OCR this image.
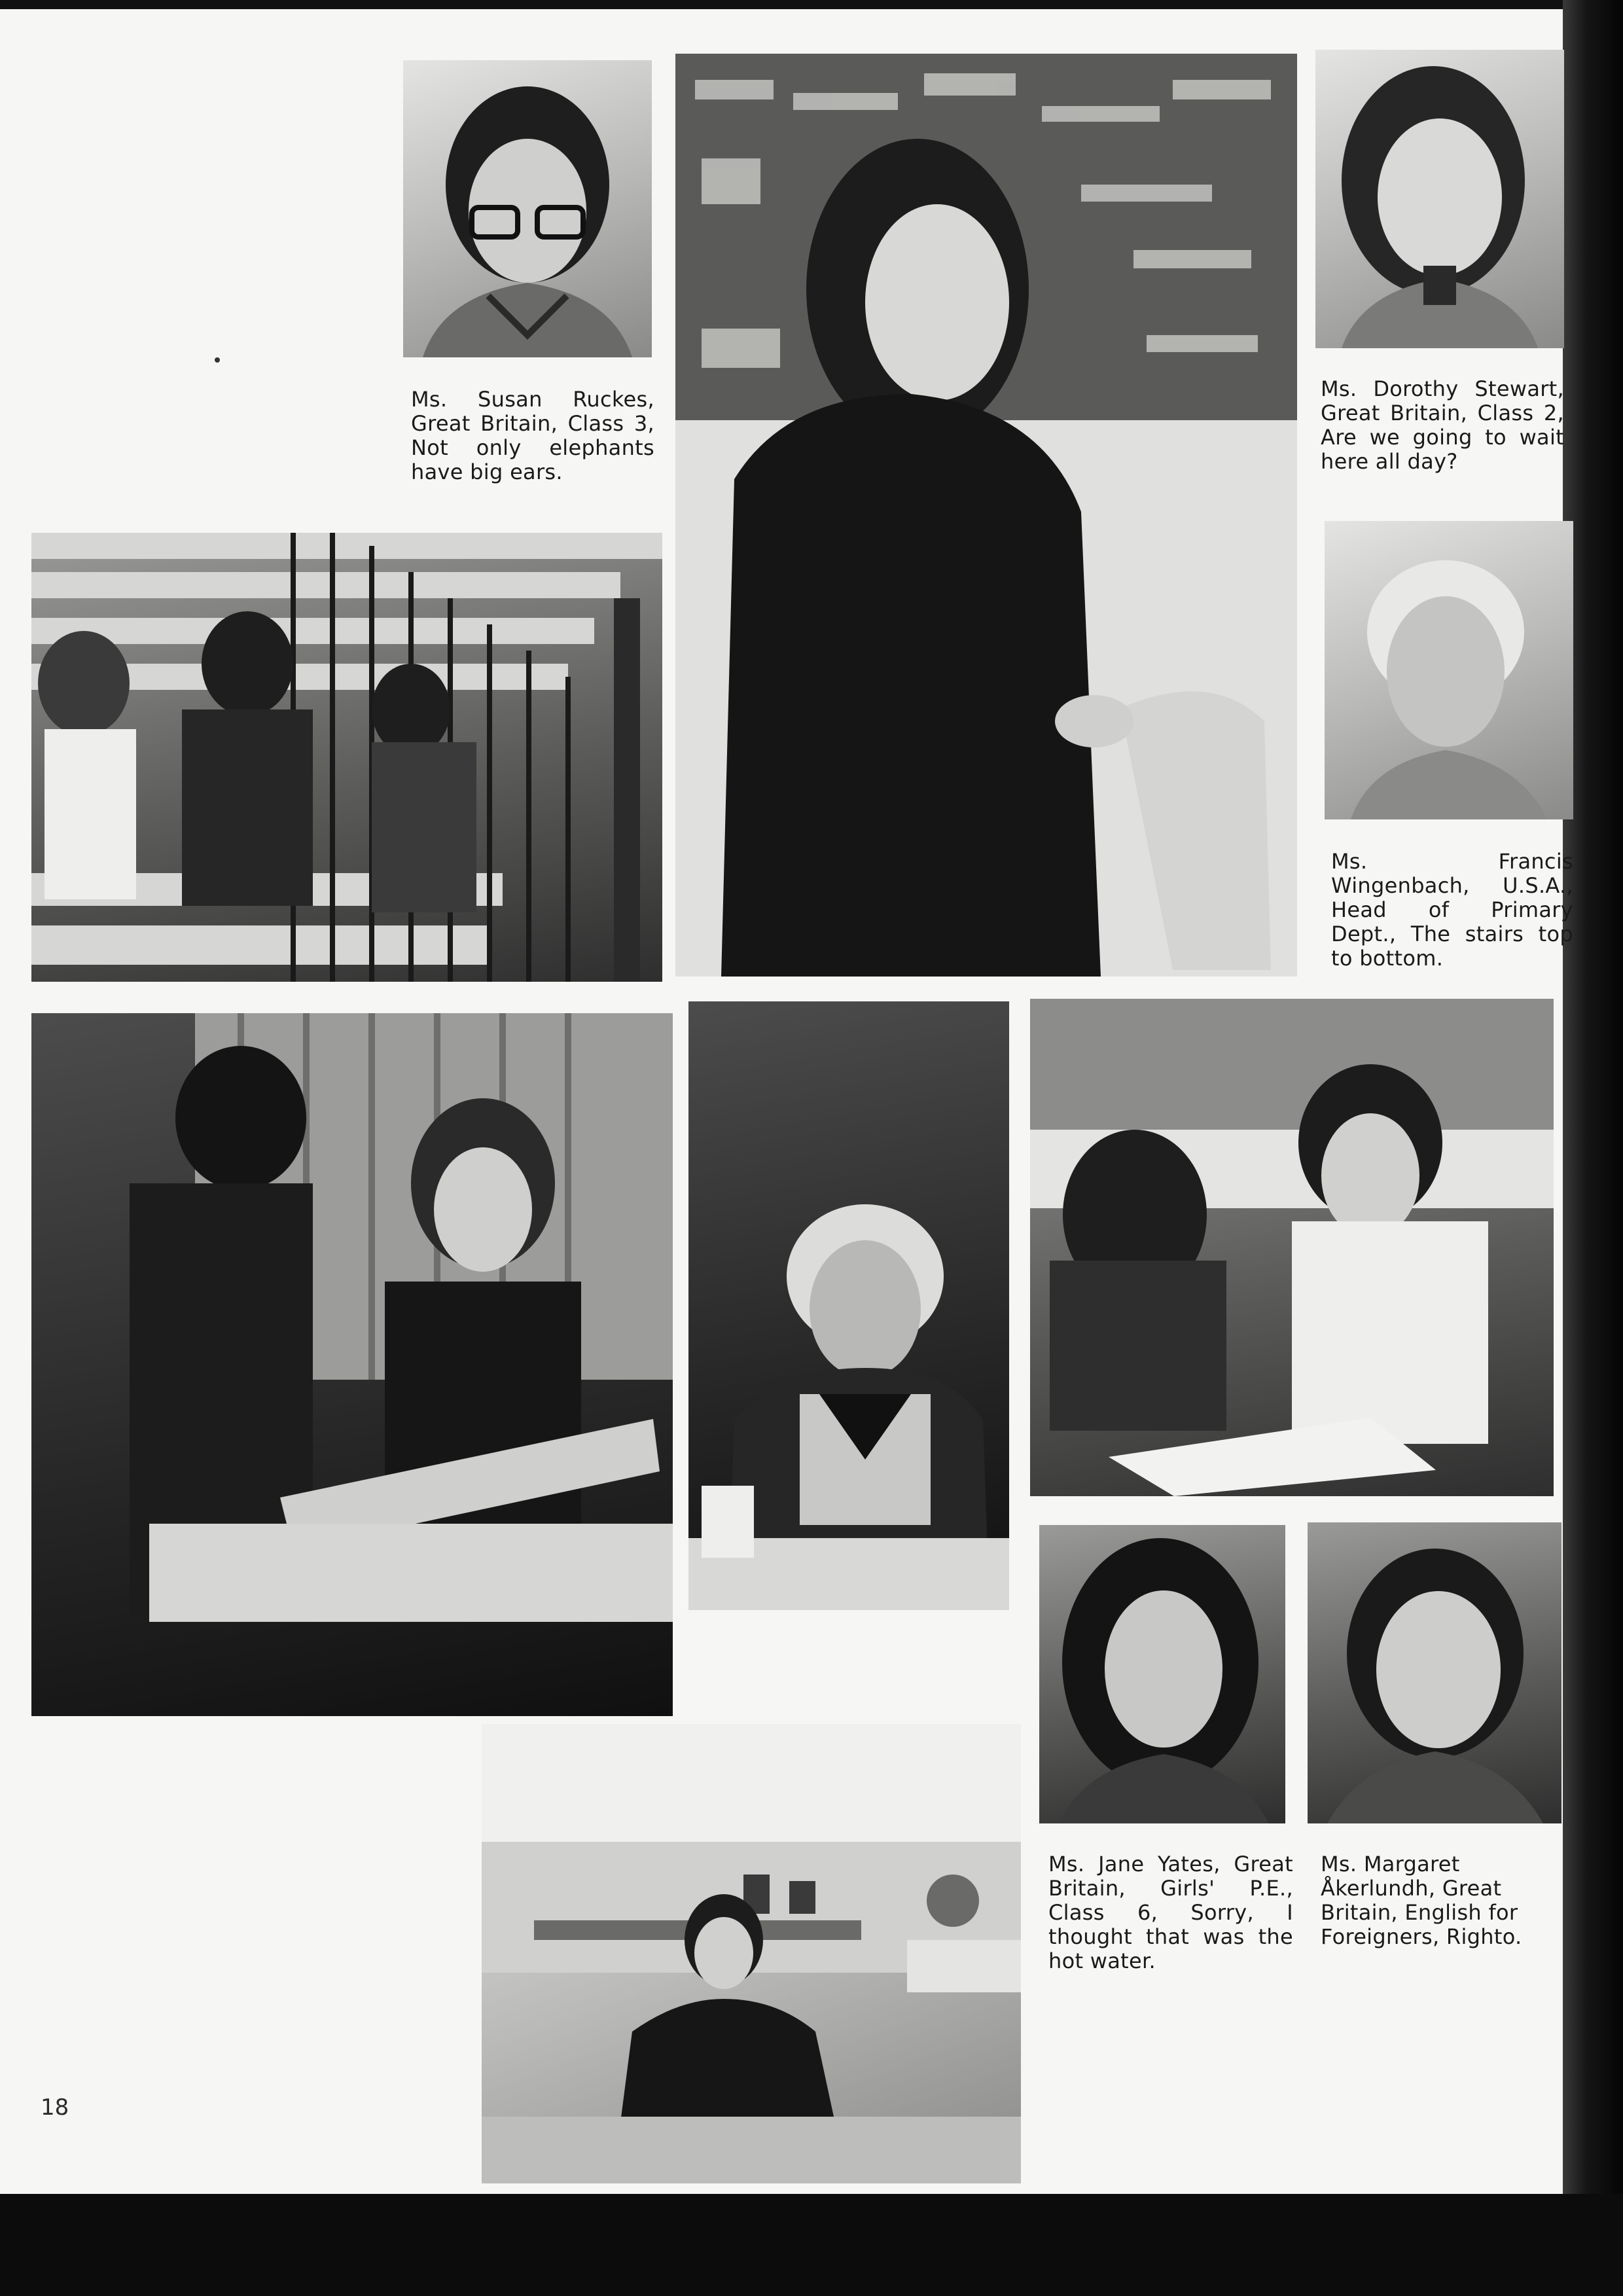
Ms. Susan Ruckes, Great Britain, Class 3, Not only elephants have big ears.
Ms. Dorothy Stewart, Great Britain, Class 2, Are we going to wait here all day?
Ms. Francis Wingenbach, U.S.A., Head of Primary Dept., The stairs top to bottom.
Ms. Jane Yates, Great Britain, Girls' P.E., Class 6, Sorry, I thought that was the hot water.
Ms. Margaret Åkerlundh, Great Britain, English for Foreigners, Righto.
18
